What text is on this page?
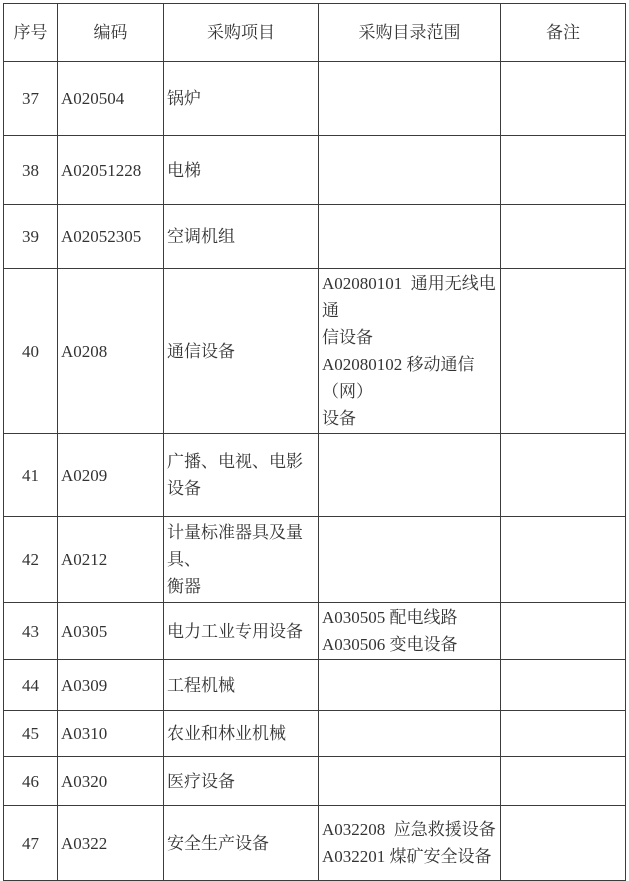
序号	编码	采购项目	采购目录范围	备注
37	A020504	锅炉		
38	A02051228	电梯		
39	A02052305	空调机组		
40	A0208	通信设备	A02080101  通用无线电通
信设备
A02080102 移动通信（网）
设备	
41	A0209	广播、电视、电影
设备		
42	A0212	计量标准器具及量具、
衡器		
43	A0305	电力工业专用设备	A030505 配电线路
A030506 变电设备	
44	A0309	工程机械		
45	A0310	农业和林业机械		
46	A0320	医疗设备		
47	A0322	安全生产设备	A032208  应急救援设备
A032201 煤矿安全设备	
